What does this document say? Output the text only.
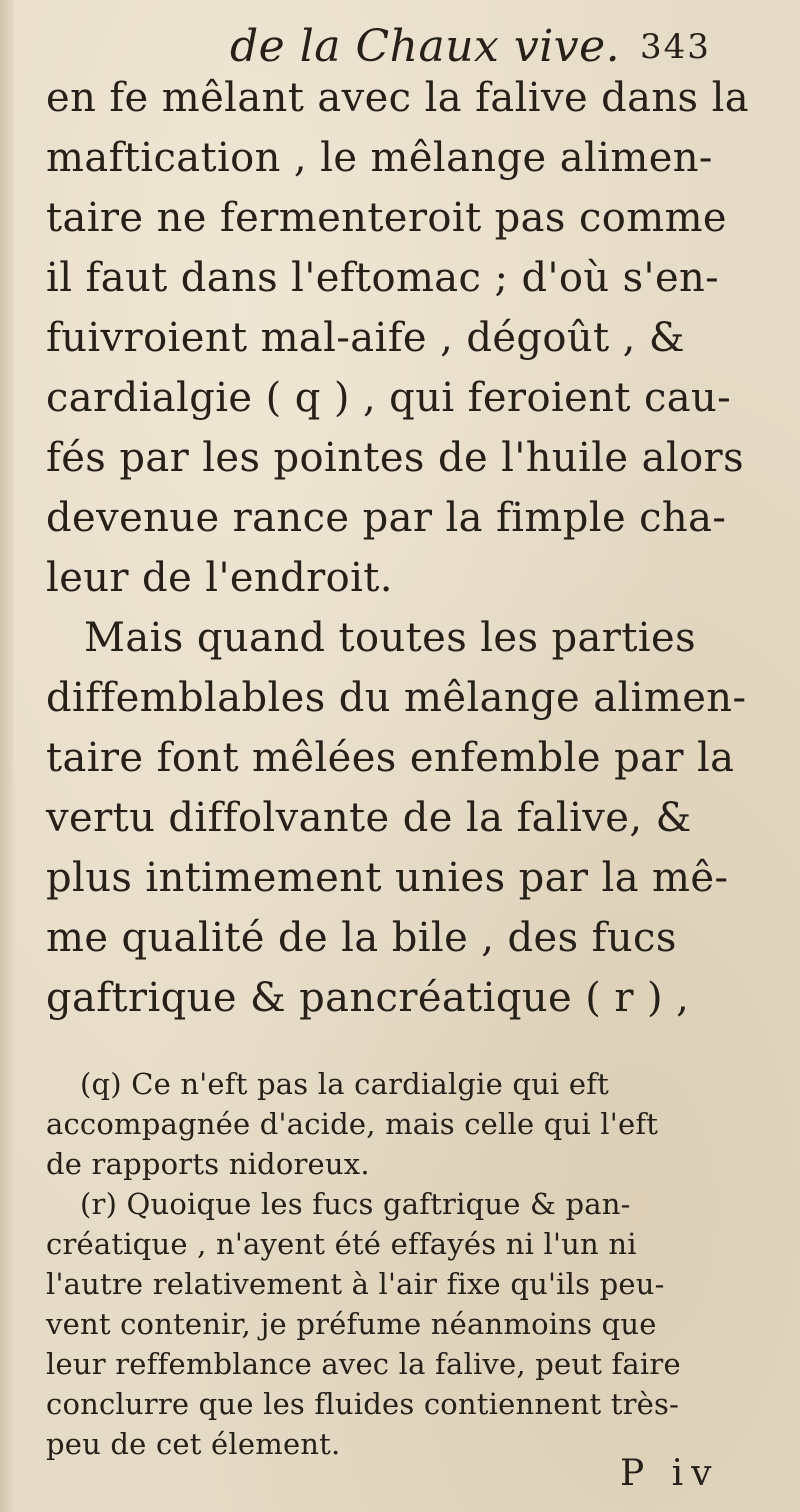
de la Chaux vive. 343
en fe mêlant avec la falive dans la
maftication , le mêlange alimen-
taire ne fermenteroit pas comme
il faut dans l'eftomac ; d'où s'en-
fuivroient mal-aife , dégoût , &
cardialgie ( q ) , qui feroient cau-
fés par les pointes de l'huile alors
devenue rance par la fimple cha-
leur de l'endroit.
Mais quand toutes les parties
diffemblables du mêlange alimen-
taire font mêlées enfemble par la
vertu diffolvante de la falive, &
plus intimement unies par la mê-
me qualité de la bile , des fucs
gaftrique & pancréatique ( r ) ,
(q) Ce n'eft pas la cardialgie qui eft
accompagnée d'acide, mais celle qui l'eft
de rapports nidoreux.
(r) Quoique les fucs gaftrique & pan-
créatique , n'ayent été effayés ni l'un ni
l'autre relativement à l'air fixe qu'ils peu-
vent contenir, je préfume néanmoins que
leur reffemblance avec la falive, peut faire
conclurre que les fluides contiennent très-
peu de cet élement.
P iv
